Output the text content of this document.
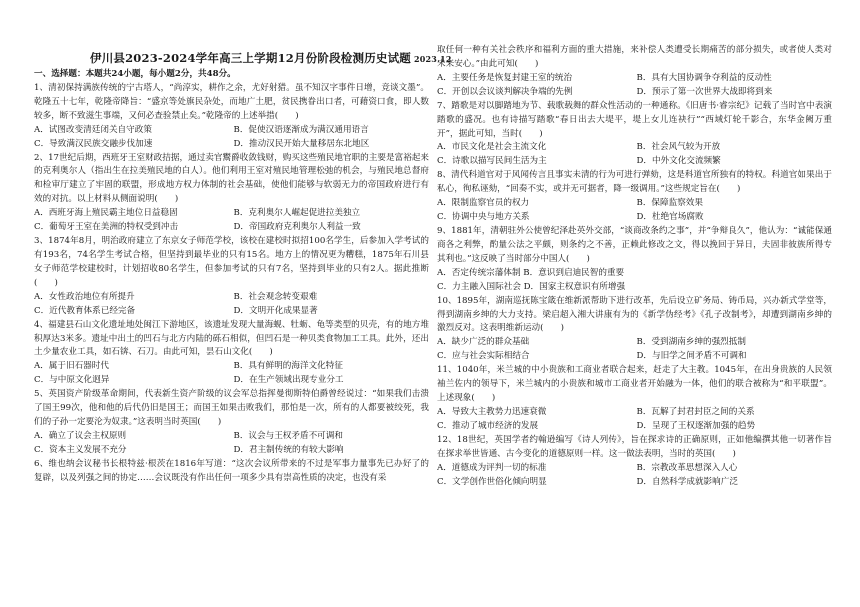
伊川县2023-2024学年高三上学期12月份阶段检测历史试题 2023.12
一、选择题：本题共24小题，每小题2分，共48分。
1、清初保持满族传统的宁古塔人，“尚淳实，耕作之余，尤好射猎。虽不知汉字事件日增，竞谈文墨”。乾隆五十七年，乾隆帝降旨：“盛京等处旗民杂处，而地广土肥，贫民携眷出口者，可藉资口食，即人数较多，断不致滋生事端，又何必查验禁止矣。”乾隆帝的上述举措(　　)
A．试图改变清廷闭关自守政策	B．促使汉语逐渐成为满汉通用语言
C．导致满汉民族交融步伐加速	D．推动汉民开始大量移居东北地区
2、17世纪后期，西班牙王室财政拮据，通过卖官鬻爵收敛钱财，购买这些殖民地官职的主要是富裕起来的克利奥尔人（指出生在拉美殖民地的白人）。他们利用王室对殖民地管理松弛的机会，与殖民地总督府和检审厅建立了牢固的联盟，形成地方权力体制的社会基础，使他们能够与软弱无力的帝国政府进行有效的对抗。以上材料从侧面说明(　　)
A．西班牙海上殖民霸主地位日益稳固	B．克利奥尔人崛起促进拉美独立
C．葡萄牙王室在美洲的特权受到冲击	D．帝国政府克利奥尔人利益一致
3、1874年8月，明治政府建立了东京女子师范学校，该校在建校时拟招100名学生，后参加入学考试的有193名，74名学生考试合格，但坚持到最毕业的只有15名。地方上的情况更为糟糕，1875年石川县女子师范学校建校时，计划招收80名学生，但参加考试的只有7名，坚持到毕业的只有2人。据此推断(　　)
A．女性政治地位有所提升	B．社会观念转变艰难
C．近代教育体系已经完备	D．文明开化成果显著
4、福建县石山文化遗址地处闽江下游地区，该遗址发现大量海蚬、牡蛎、龟等类型的贝壳，有的地方堆积厚达3米多。遗址中出土的凹石与北方内陆的砾石相似，但凹石是一种贝类食物加工工具。此外，还出土少量农业工具，如石锛、石刀。由此可知，昙石山文化(　　)
A．属于旧石器时代	B．具有鲜明的海洋文化特征
C．与中原文化迥异	D．在生产领域出现专业分工
5、英国资产阶级革命期间，代表新生资产阶级的议会军总指挥曼彻斯特伯爵曾经说过：“如果我们击溃了国王99次，他和他的后代仍旧是国王；而国王如果击败我们，那怕是一次，所有的人都要被绞死，我们的子孙一定要沦为奴隶。”这表明当时英国(　　)
A．确立了议会主权原则	B．议会与王权矛盾不可调和
C．资本主义发展不充分	D．君主制传统的有较大影响
6、维也纳会议秘书长根特兹·根茨在1816年写道：“这次会议所带来的不过是军事力量事先已办好了的复辟，以及列强之间的协定……会议既没有作出任何一项多少具有崇高性质的决定，也没有采
取任何一种有关社会秩序和福利方面的重大措施，来补偿人类遭受长期痛苦的部分损失，或者使人类对未来安心。”由此可知(　　)
A．主要任务是恢复封建王室的统治	B．具有大国协调争夺利益的反动性
C．开创以会议谈判解决争端的先例	D．预示了第一次世界大战即将到来
7、踏歌是对以脚踏地为节、载歌载舞的群众性活动的一种通称。《旧唐书·睿宗纪》记载了当时宫中表演踏歌的盛况。也有诗描写踏歌“春日出去大堤平，堤上女儿连袂行”“西域灯轮千影合，东华金阙万重开”，据此可知，当时(　　)
A．市民文化是社会主流文化	B．社会风气较为开放
C．诗歌以描写民间生活为主	D．中外文化交流频繁
8、清代科道官对于风闻传言且事实未清的行为可进行弹劾，这是科道官所独有的特权。科道官如果出于私心，徇私诬劾，“回奏不实，或并无可据者，降一级调用。”这些规定旨在(　　)
A．限制监察官员的权力	B．保障监察效果
C．协调中央与地方关系	D．杜绝官场腐败
9、1881年，清朝驻外公使曾纪泽赴英外交部，“谈商改条约之事”，并“争辩良久”，他认为：“诚能保通商各之利弊，酌量公法之平颇，则条约之不善，正赖此修改之文，得以挽回于异日，夫固非彼族所得专其利也。”这反映了当时部分中国人(　　)
A．否定传统宗藩体制 B．意识到启迪民智的重要
C．力主融入国际社会 D．国家主权意识有所增强
10、1895年，湖南巡抚陈宝箴在维新派帮助下进行改革，先后设立矿务局、铸币局，兴办新式学堂等，得到湖南乡绅的大力支持。梁启超入湘大讲康有为的《新学伪经考》《孔子改制考》，却遭到湖南乡绅的激烈反对。这表明维新运动(　　)
A．缺少广泛的群众基础	B．受到湖南乡绅的强烈抵制
C．应与社会实际相结合	D．与旧学之间矛盾不可调和
11、1040年，米兰城的中小贵族和工商业者联合起来，赶走了大主教。1045年，在出身贵族的人民领袖兰佐内的领导下，米兰城内的小贵族和城市工商业者开始融为一体，他们的联合被称为“和平联盟”。上述现象(　　)
A．导致大主教势力迅速衰微	B．瓦解了封君封臣之间的关系
C．推动了城市经济的发展	D．呈现了王权逐渐加强的趋势
12、18世纪，英国学者约翰逊编写《诗人列传》，旨在探求诗的正确原则，正如他编撰其他一切著作旨在探求举世皆通、古今变化的道德原则一样。这一做法表明，当时的英国(　　)
A．道德成为评判一切的标准	B．宗教改革思想深入人心
C．文学创作世俗化倾向明显	D．自然科学成就影响广泛
